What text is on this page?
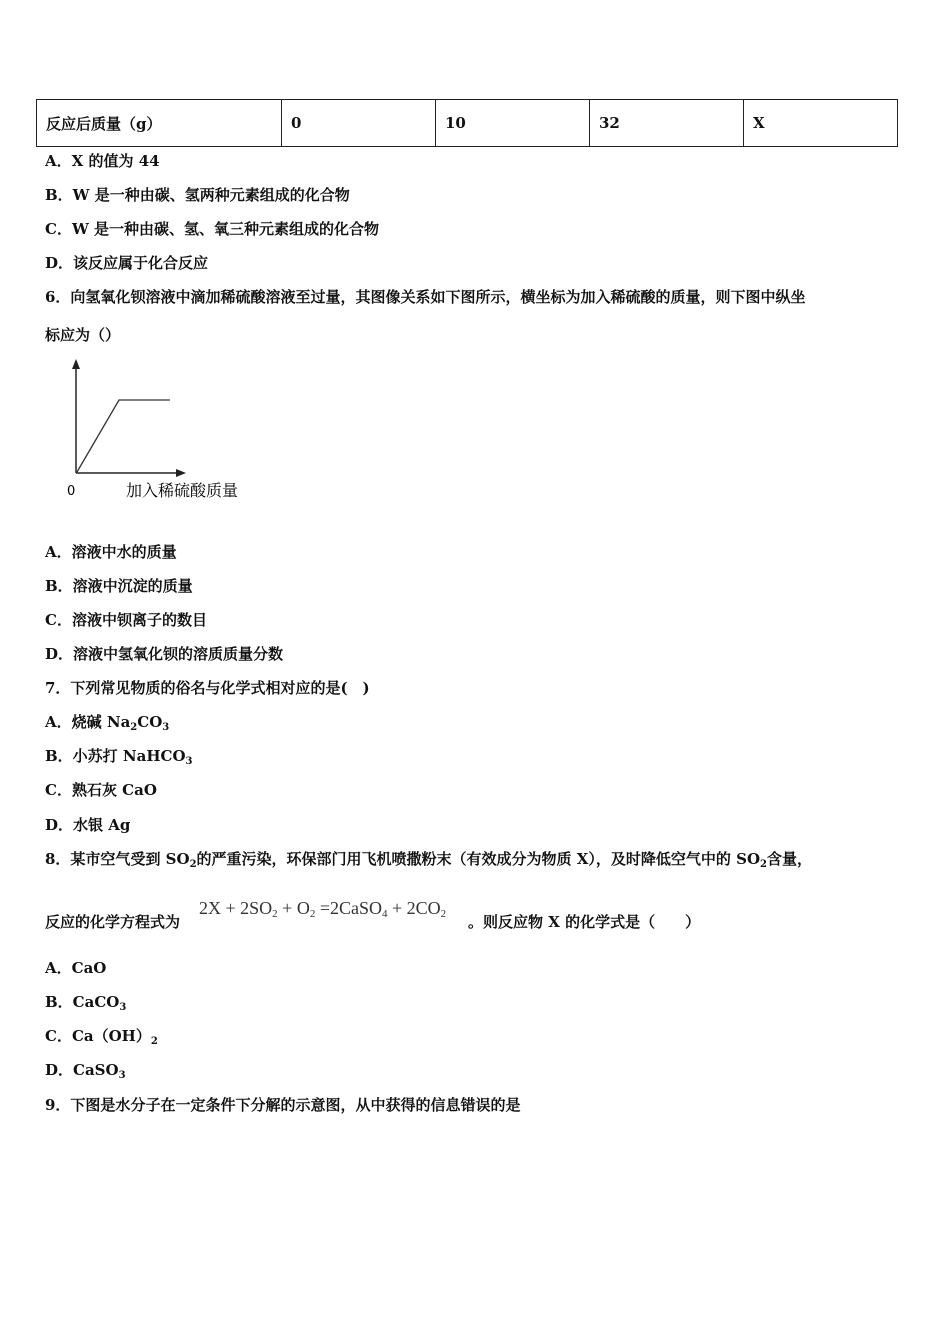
反应后质量（g）	0	10	32	X
A．X 的值为 44
B．W 是一种由碳、氢两种元素组成的化合物
C．W 是一种由碳、氢、氧三种元素组成的化合物
D．该反应属于化合反应
6．向氢氧化钡溶液中滴加稀硫酸溶液至过量，其图像关系如下图所示，横坐标为加入稀硫酸的质量，则下图中纵坐
标应为（）
0	加入稀硫酸质量
A．溶液中水的质量
B．溶液中沉淀的质量
C．溶液中钡离子的数目
D．溶液中氢氧化钡的溶质质量分数
7．下列常见物质的俗名与化学式相对应的是(　)
A．烧碱 $Na_2CO_3$
B．小苏打 NaHCO$_3$
C．熟石灰 CaO
D．水银 Ag
8．某市空气受到 $SO_2$的严重污染，环保部门用飞机喷撒粉末（有效成分为物质 X），及时降低空气中的 $SO_2$含量，
反应的化学方程式为
$2X + 2SO_2 + O_2$ =2CaSO$_4$ + $2CO_2$ 。则反应物 X 的化学式是（　　）
A．CaO
B．CaCO$_3$
C．$Ca(OH)_2$
D．CaSO$_3$
9．下图是水分子在一定条件下分解的示意图，从中获得的信息错误的是
